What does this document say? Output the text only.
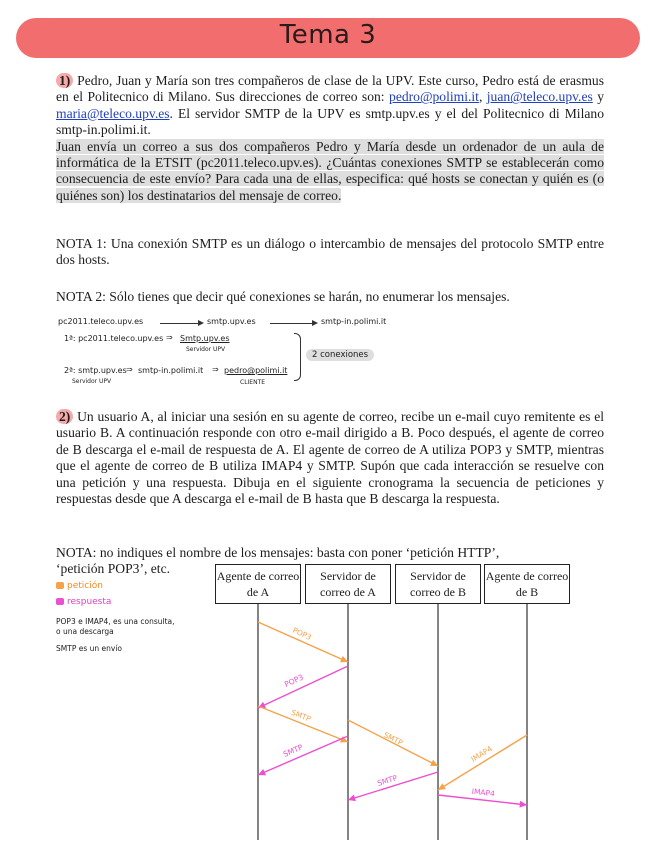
Tema 3

1) Pedro, Juan y María son tres compañeros de clase de la UPV. Este curso, Pedro está de erasmus en el Politecnico di Milano. Sus direcciones de correo son: pedro@polimi.it, juan@teleco.upv.es y maria@teleco.upv.es. El servidor SMTP de la UPV es smtp.upv.es y el del Politecnico di Milano smtp-in.polimi.it.
Juan envía un correo a sus dos compañeros Pedro y María desde un ordenador de un aula de informática de la ETSIT (pc2011.teleco.upv.es). ¿Cuántas conexiones SMTP se establecerán como consecuencia de este envío? Para cada una de ellas, especifica: qué hosts se conectan y quién es (o quiénes son) los destinatarios del mensaje de correo.

NOTA 1: Una conexión SMTP es un diálogo o intercambio de mensajes del protocolo SMTP entre dos hosts.

NOTA 2: Sólo tienes que decir qué conexiones se harán, no enumerar los mensajes.

pc2011.teleco.upv.es	smtp.upv.es	smtp-in.polimi.it
1ª: pc2011.teleco.upv.es ⇒ Smtp.upv.es
Servidor UPV
2ª: smtp.upv.es
Servidor UPV
⇒ smtp-in.polimi.it ⇒ pedro@polimi.it
CLIENTE
2 conexiones

2) Un usuario A, al iniciar una sesión en su agente de correo, recibe un e-mail cuyo remitente es el usuario B. A continuación responde con otro e-mail dirigido a B. Poco después, el agente de correo de B descarga el e-mail de respuesta de A. El agente de correo de A utiliza POP3 y SMTP, mientras que el agente de correo de B utiliza IMAP4 y SMTP. Supón que cada interacción se resuelve con una petición y una respuesta. Dibuja en el siguiente cronograma la secuencia de peticiones y respuestas desde que A descarga el e-mail de B hasta que B descarga la respuesta.

NOTA: no indiques el nombre de los mensajes: basta con poner ‘petición HTTP’,
‘petición POP3’, etc.
petición
respuesta
POP3 e IMAP4, es una consulta,
o una descarga
SMTP es un envío
Agente de correo de A
Servidor de correo de A
Servidor de correo de B
Agente de correo de B
POP3
POP3
SMTP
SMTP
SMTP
SMTP
IMAP4
IMAP4
